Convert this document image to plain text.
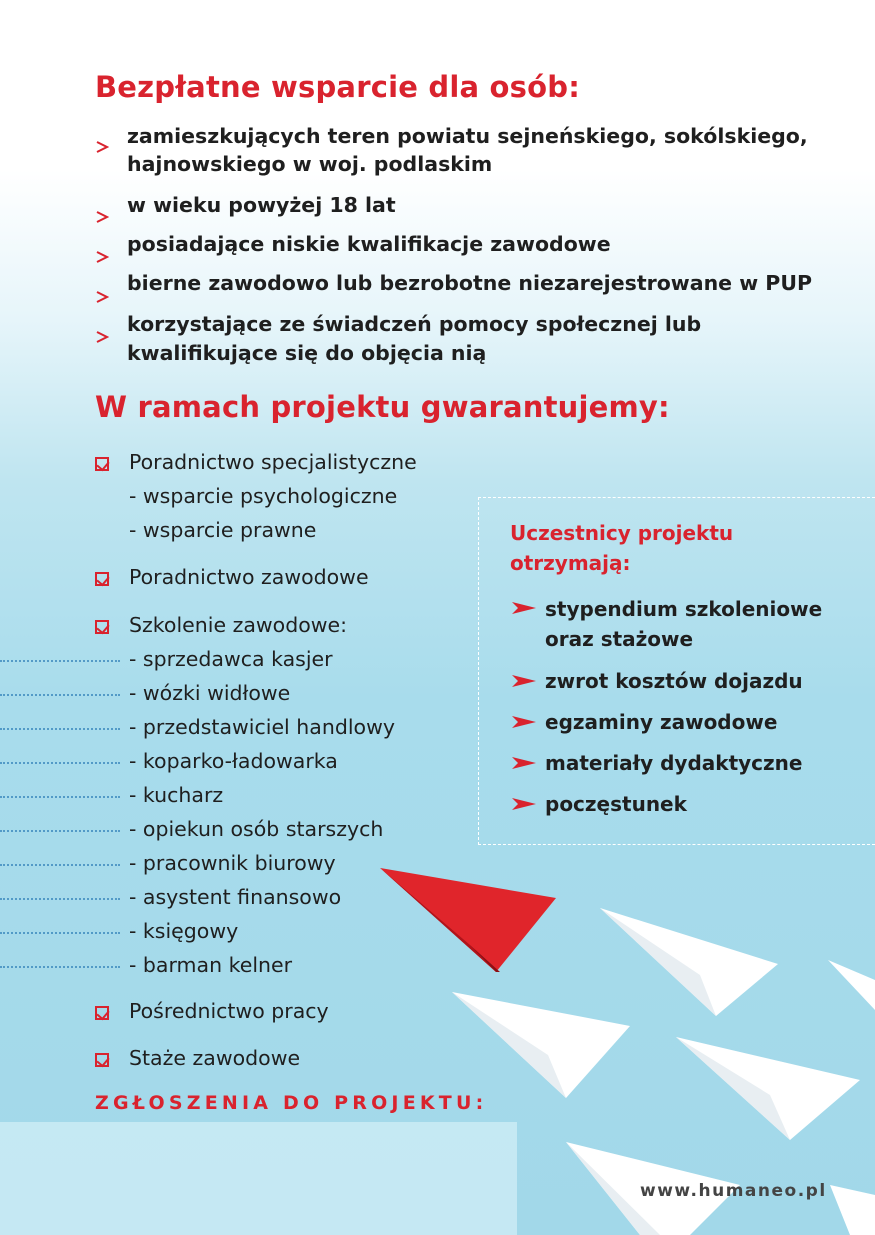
Bezpłatne wsparcie dla osób:
zamieszkujących teren powiatu sejneńskiego, sokólskiego,
hajnowskiego w woj. podlaskim
w wieku powyżej 18 lat
posiadające niskie kwalifikacje zawodowe
bierne zawodowo lub bezrobotne niezarejestrowane w PUP
korzystające ze świadczeń pomocy społecznej lub
kwalifikujące się do objęcia nią
W ramach projektu gwarantujemy:
Poradnictwo specjalistyczne
- wsparcie psychologiczne
- wsparcie prawne
Poradnictwo zawodowe
Szkolenie zawodowe:
- sprzedawca kasjer
- wózki widłowe
- przedstawiciel handlowy
- koparko-ładowarka
- kucharz
- opiekun osób starszych
- pracownik biurowy
- asystent finansowo
- księgowy
- barman kelner
Pośrednictwo pracy
Staże zawodowe
Uczestnicy projektu
otrzymają:
stypendium szkoleniowe
oraz stażowe
zwrot kosztów dojazdu
egzaminy zawodowe
materiały dydaktyczne
poczęstunek
ZGŁOSZENIA DO PROJEKTU:
www.humaneo.pl
